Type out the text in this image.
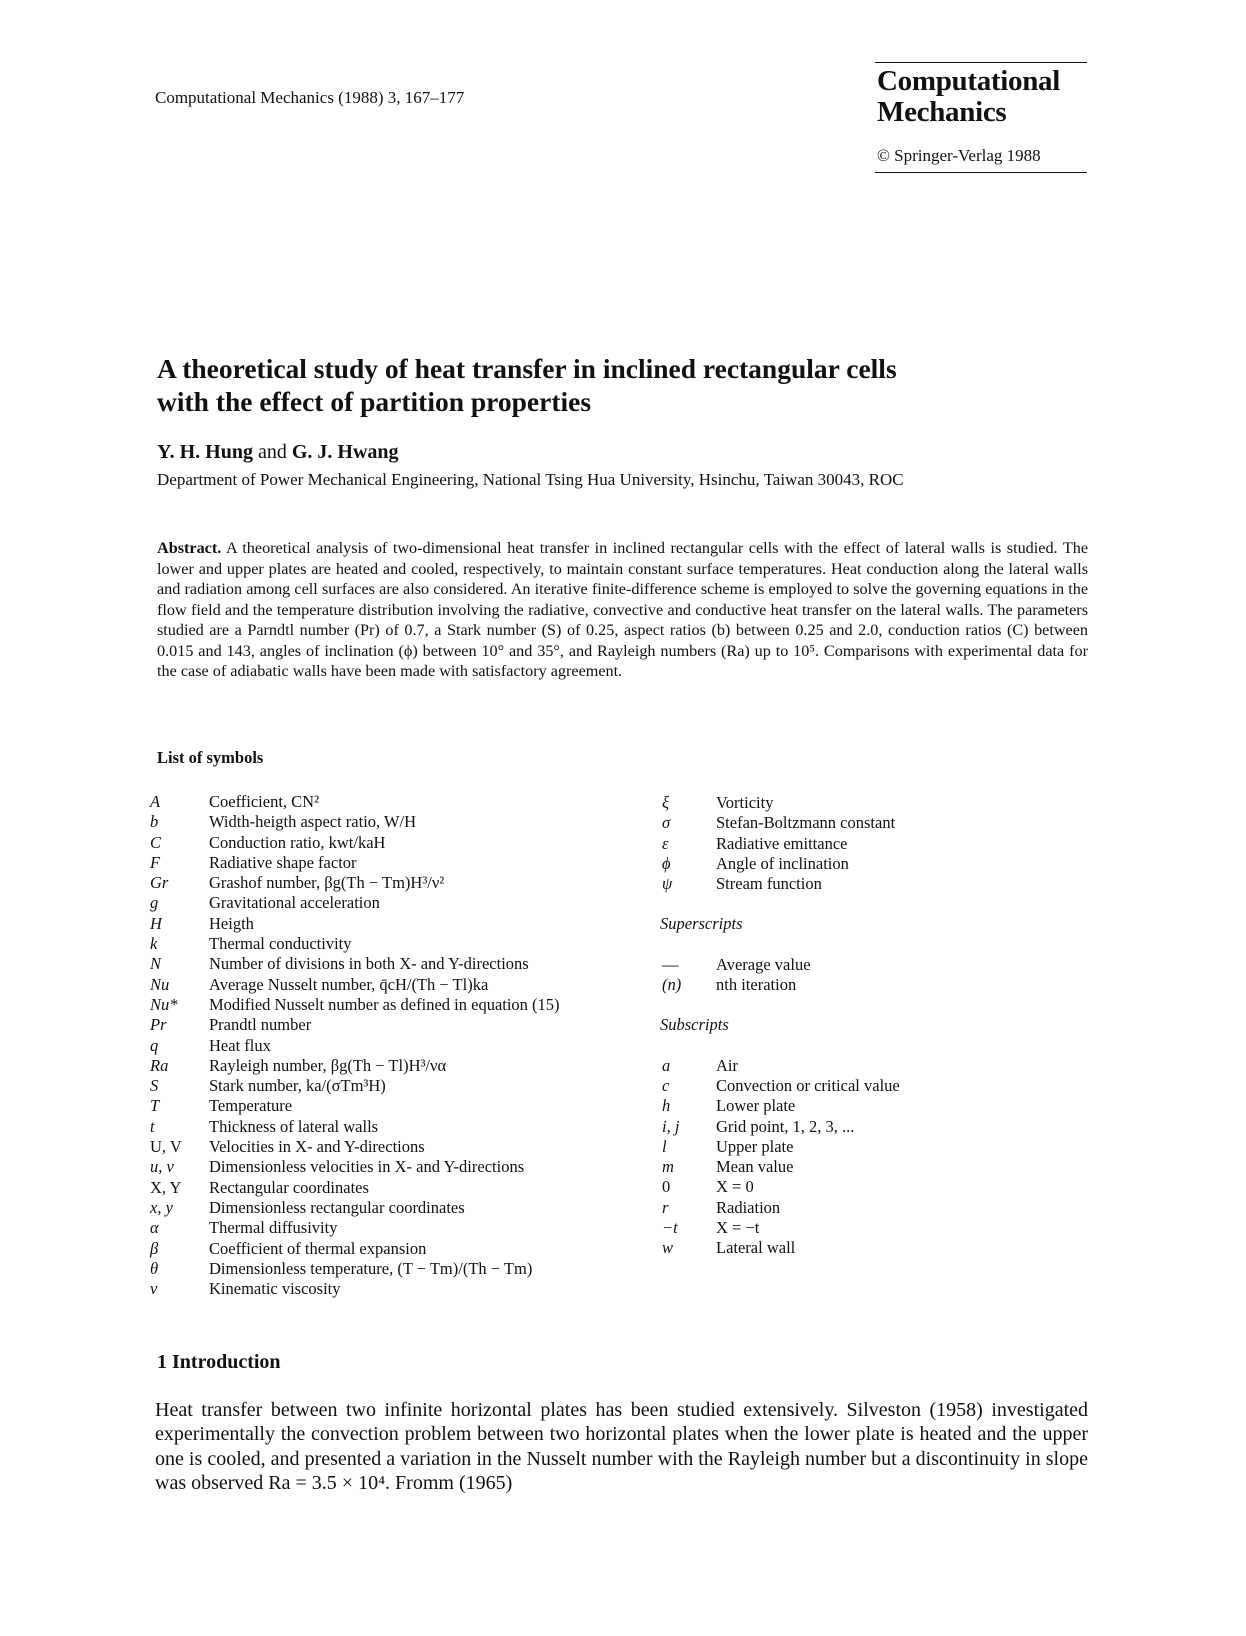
Computational Mechanics (1988) 3, 167–177
Computational
Mechanics
© Springer-Verlag 1988
A theoretical study of heat transfer in inclined rectangular cells
with the effect of partition properties
Y. H. Hung and G. J. Hwang
Department of Power Mechanical Engineering, National Tsing Hua University, Hsinchu, Taiwan 30043, ROC
Abstract. A theoretical analysis of two-dimensional heat transfer in inclined rectangular cells with the effect of lateral walls is studied. The lower and upper plates are heated and cooled, respectively, to maintain constant surface temperatures. Heat conduction along the lateral walls and radiation among cell surfaces are also considered. An iterative finite-difference scheme is employed to solve the governing equations in the flow field and the temperature distribution involving the radiative, convective and conductive heat transfer on the lateral walls. The parameters studied are a Parndtl number (Pr) of 0.7, a Stark number (S) of 0.25, aspect ratios (b) between 0.25 and 2.0, conduction ratios (C) between 0.015 and 143, angles of inclination (ϕ) between 10° and 35°, and Rayleigh numbers (Ra) up to 10⁵. Comparisons with experimental data for the case of adiabatic walls have been made with satisfactory agreement.
List of symbols
A	Coefficient, CN²
b	Width-heigth aspect ratio, W/H
C	Conduction ratio, kwt/kaH
F	Radiative shape factor
Gr	Grashof number, βg(Th − Tm)H³/ν²
g	Gravitational acceleration
H	Heigth
k	Thermal conductivity
N	Number of divisions in both X- and Y-directions
Nu	Average Nusselt number, q̄cH/(Th − Tl)ka
Nu*	Modified Nusselt number as defined in equation (15)
Pr	Prandtl number
q	Heat flux
Ra	Rayleigh number, βg(Th − Tl)H³/να
S	Stark number, ka/(σTm³H)
T	Temperature
t	Thickness of lateral walls
U, V	Velocities in X- and Y-directions
u, v	Dimensionless velocities in X- and Y-directions
X, Y	Rectangular coordinates
x, y	Dimensionless rectangular coordinates
α	Thermal diffusivity
β	Coefficient of thermal expansion
θ	Dimensionless temperature, (T − Tm)/(Th − Tm)
ν	Kinematic viscosity
ξ	Vorticity
σ	Stefan-Boltzmann constant
ε	Radiative emittance
ϕ	Angle of inclination
ψ	Stream function
Superscripts
—	Average value
(n)	nth iteration
Subscripts
a	Air
c	Convection or critical value
h	Lower plate
i, j	Grid point, 1, 2, 3, ...
l	Upper plate
m	Mean value
0	X = 0
r	Radiation
−t	X = −t
w	Lateral wall
1 Introduction
Heat transfer between two infinite horizontal plates has been studied extensively. Silveston (1958) investigated experimentally the convection problem between two horizontal plates when the lower plate is heated and the upper one is cooled, and presented a variation in the Nusselt number with the Rayleigh number but a discontinuity in slope was observed Ra = 3.5 × 10⁴. Fromm (1965)
